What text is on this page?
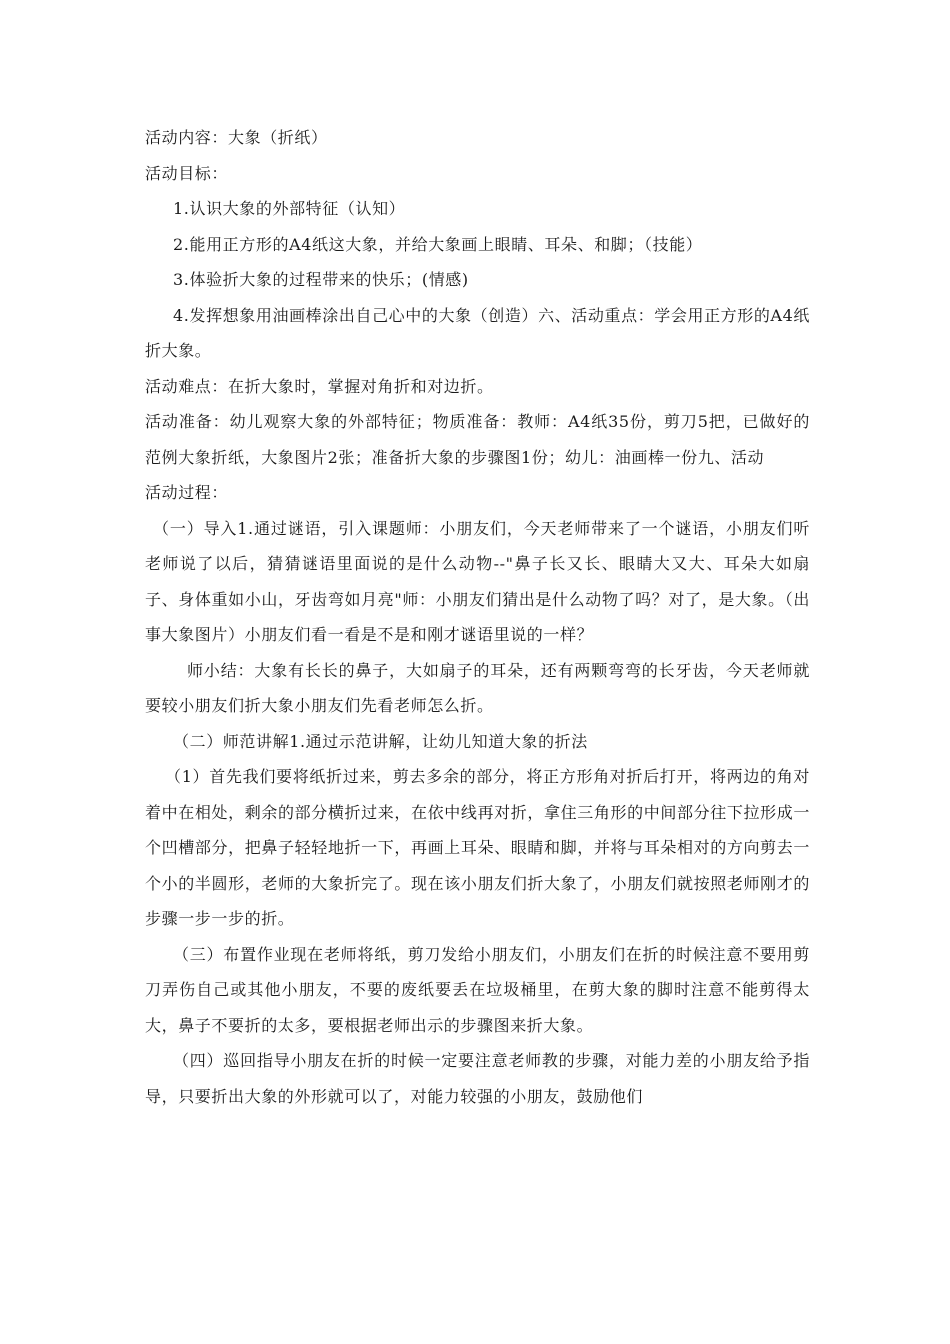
活动内容：大象（折纸）

活动目标：

1.认识大象的外部特征（认知）

2.能用正方形的A4纸这大象，并给大象画上眼睛、耳朵、和脚；（技能）

3.体验折大象的过程带来的快乐；(情感)

4.发挥想象用油画棒涂出自己心中的大象（创造）六、活动重点：学会用正方形的A4纸折大象。

活动难点：在折大象时，掌握对角折和对边折。

活动准备：幼儿观察大象的外部特征；物质准备：教师：A4纸35份，剪刀5把，已做好的范例大象折纸，大象图片2张；准备折大象的步骤图1份；幼儿：油画棒一份九、活动

活动过程：

（一）导入1.通过谜语，引入课题师：小朋友们，今天老师带来了一个谜语，小朋友们听老师说了以后，猜猜谜语里面说的是什么动物--"鼻子长又长、眼睛大又大、耳朵大如扇子、身体重如小山，牙齿弯如月亮"师：小朋友们猜出是什么动物了吗？对了，是大象。（出事大象图片）小朋友们看一看是不是和刚才谜语里说的一样？

师小结：大象有长长的鼻子，大如扇子的耳朵，还有两颗弯弯的长牙齿，今天老师就要较小朋友们折大象小朋友们先看老师怎么折。

（二）师范讲解1.通过示范讲解，让幼儿知道大象的折法

（1）首先我们要将纸折过来，剪去多余的部分，将正方形角对折后打开，将两边的角对着中在相处，剩余的部分横折过来，在依中线再对折，拿住三角形的中间部分往下拉形成一个凹槽部分，把鼻子轻轻地折一下，再画上耳朵、眼睛和脚，并将与耳朵相对的方向剪去一个小的半圆形，老师的大象折完了。现在该小朋友们折大象了，小朋友们就按照老师刚才的步骤一步一步的折。

（三）布置作业现在老师将纸，剪刀发给小朋友们，小朋友们在折的时候注意不要用剪刀弄伤自己或其他小朋友，不要的废纸要丢在垃圾桶里，在剪大象的脚时注意不能剪得太大，鼻子不要折的太多，要根据老师出示的步骤图来折大象。

（四）巡回指导小朋友在折的时候一定要注意老师教的步骤，对能力差的小朋友给予指导，只要折出大象的外形就可以了，对能力较强的小朋友，鼓励他们
